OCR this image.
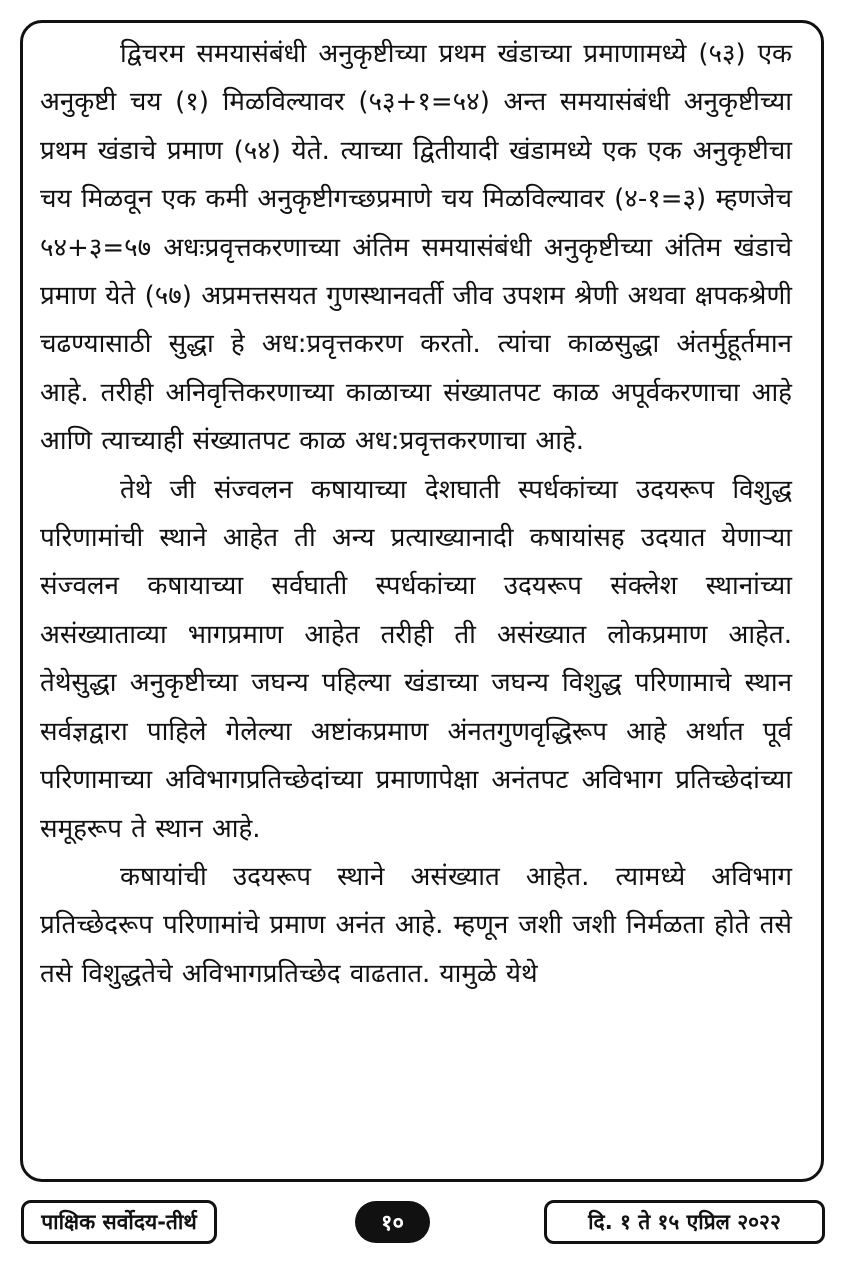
द्विचरम समयासंबंधी अनुकृष्टीच्या प्रथम खंडाच्या प्रमाणामध्ये (५३) एक अनुकृष्टी चय (१) मिळविल्यावर (५३+१=५४) अन्त समयासंबंधी अनुकृष्टीच्या प्रथम खंडाचे प्रमाण (५४) येते. त्याच्या द्वितीयादी खंडामध्ये एक एक अनुकृष्टीचा चय मिळवून एक कमी अनुकृष्टीगच्छप्रमाणे चय मिळविल्यावर (४-१=३) म्हणजेच ५४+३=५७ अधःप्रवृत्तकरणाच्या अंतिम समयासंबंधी अनुकृष्टीच्या अंतिम खंडाचे प्रमाण येते (५७) अप्रमत्तसयत गुणस्थानवर्ती जीव उपशम श्रेणी अथवा क्षपकश्रेणी चढण्यासाठी सुद्धा हे अध:प्रवृत्तकरण करतो. त्यांचा काळसुद्धा अंतर्मुहूर्तमान आहे. तरीही अनिवृत्तिकरणाच्या काळाच्या संख्यातपट काळ अपूर्वकरणाचा आहे आणि त्याच्याही संख्यातपट काळ अध:प्रवृत्तकरणाचा आहे.

तेथे जी संज्वलन कषायाच्या देशघाती स्पर्धकांच्या उदयरूप विशुद्ध परिणामांची स्थाने आहेत ती अन्य प्रत्याख्यानादी कषायांसह उदयात येणाऱ्या संज्वलन कषायाच्या सर्वघाती स्पर्धकांच्या उदयरूप संक्लेश स्थानांच्या असंख्याताव्या भागप्रमाण आहेत तरीही ती असंख्यात लोकप्रमाण आहेत. तेथेसुद्धा अनुकृष्टीच्या जघन्य पहिल्या खंडाच्या जघन्य विशुद्ध परिणामाचे स्थान सर्वज्ञद्वारा पाहिले गेलेल्या अष्टांकप्रमाण अंनतगुणवृद्धिरूप आहे अर्थात पूर्व परिणामाच्या अविभागप्रतिच्छेदांच्या प्रमाणापेक्षा अनंतपट अविभाग प्रतिच्छेदांच्या समूहरूप ते स्थान आहे.

कषायांची उदयरूप स्थाने असंख्यात आहेत. त्यामध्ये अविभाग प्रतिच्छेदरूप परिणामांचे प्रमाण अनंत आहे. म्हणून जशी जशी निर्मळता होते तसे तसे विशुद्धतेचे अविभागप्रतिच्छेद वाढतात. यामुळे येथे

पाक्षिक सर्वोदय-तीर्थ	१०	दि. १ ते १५ एप्रिल २०२२
